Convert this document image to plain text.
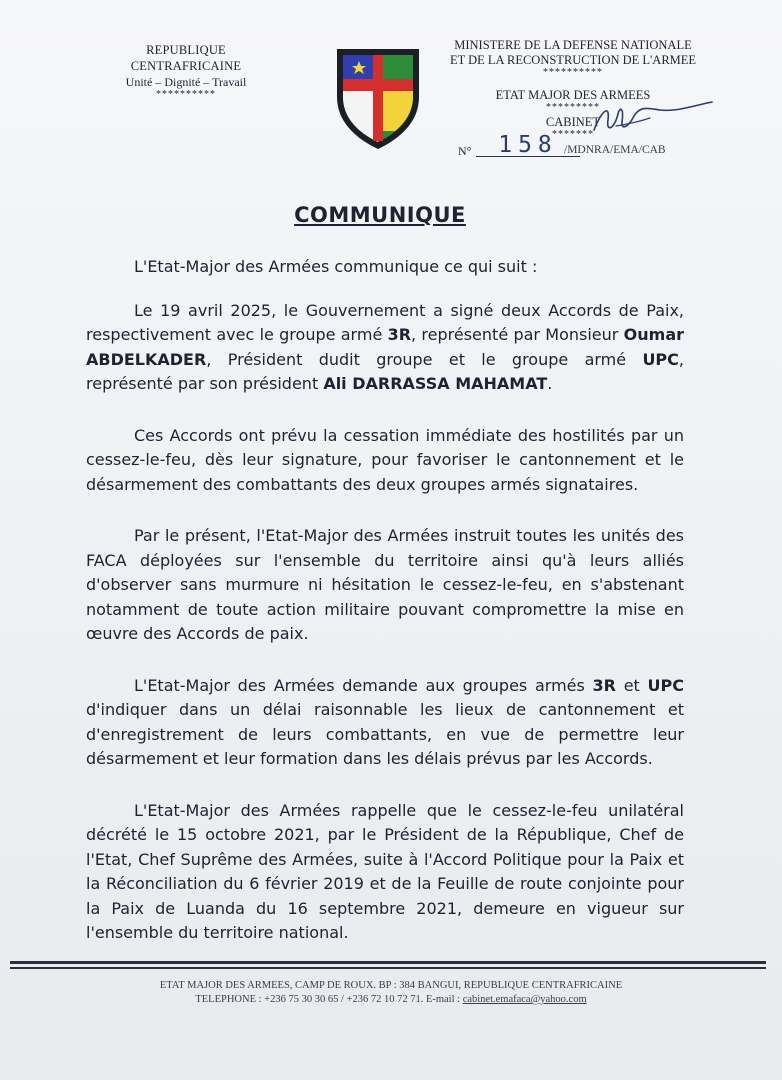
REPUBLIQUE CENTRAFRICAINE
Unité – Dignité – Travail
**********
MINISTERE DE LA DEFENSE NATIONALE
ET DE LA RECONSTRUCTION DE L'ARMEE
**********
ETAT MAJOR DES ARMEES
*********
CABINET
*******
N°	158 /MDNRA/EMA/CAB
COMMUNIQUE

L'Etat-Major des Armées communique ce qui suit :

Le 19 avril 2025, le Gouvernement a signé deux Accords de Paix, respectivement avec le groupe armé 3R, représenté par Monsieur Oumar ABDELKADER, Président dudit groupe et le groupe armé UPC, représenté par son président Ali DARRASSA MAHAMAT.

Ces Accords ont prévu la cessation immédiate des hostilités par un cessez-le-feu, dès leur signature, pour favoriser le cantonnement et le désarmement des combattants des deux groupes armés signataires.

Par le présent, l'Etat-Major des Armées instruit toutes les unités des FACA déployées sur l'ensemble du territoire ainsi qu'à leurs alliés d'observer sans murmure ni hésitation le cessez-le-feu, en s'abstenant notamment de toute action militaire pouvant compromettre la mise en œuvre des Accords de paix.

L'Etat-Major des Armées demande aux groupes armés 3R et UPC d'indiquer dans un délai raisonnable les lieux de cantonnement et d'enregistrement de leurs combattants, en vue de permettre leur désarmement et leur formation dans les délais prévus par les Accords.

L'Etat-Major des Armées rappelle que le cessez-le-feu unilatéral décrété le 15 octobre 2021, par le Président de la République, Chef de l'Etat, Chef Suprême des Armées, suite à l'Accord Politique pour la Paix et la Réconciliation du 6 février 2019 et de la Feuille de route conjointe pour la Paix de Luanda du 16 septembre 2021, demeure en vigueur sur l'ensemble du territoire national.

ETAT MAJOR DES ARMEES, CAMP DE ROUX. BP : 384 BANGUI, REPUBLIQUE CENTRAFRICAINE
TELEPHONE : +236 75 30 30 65 / +236 72 10 72 71. E-mail : cabinet.emafaca@yahoo.com
